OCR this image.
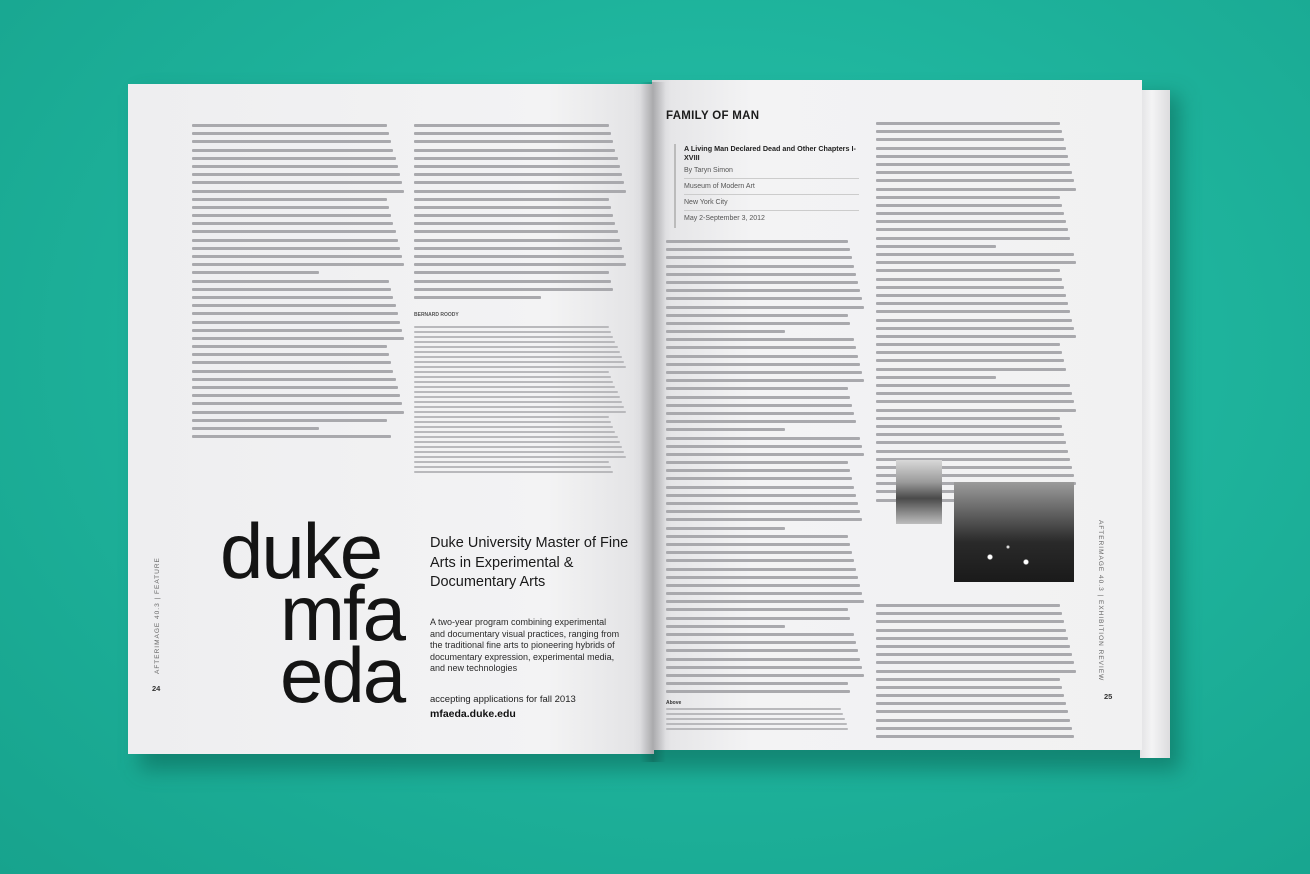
BERNARD ROODY
duke
mfa
eda
Duke University Master of Fine Arts in Experimental & Documentary Arts
A two-year program combining experimental and documentary visual practices, ranging from the traditional fine arts to pioneering hybrids of documentary expression, experimental media, and new technologies
accepting applications for fall 2013
mfaeda.duke.edu
AFTERIMAGE 40.3 | FEATURE
24
FAMILY OF MAN
A Living Man Declared Dead and Other Chapters I-XVIII
By Taryn Simon
Museum of Modern Art
New York City
May 2-September 3, 2012
Above
AFTERIMAGE 40.3 | EXHIBITION REVIEW
25
